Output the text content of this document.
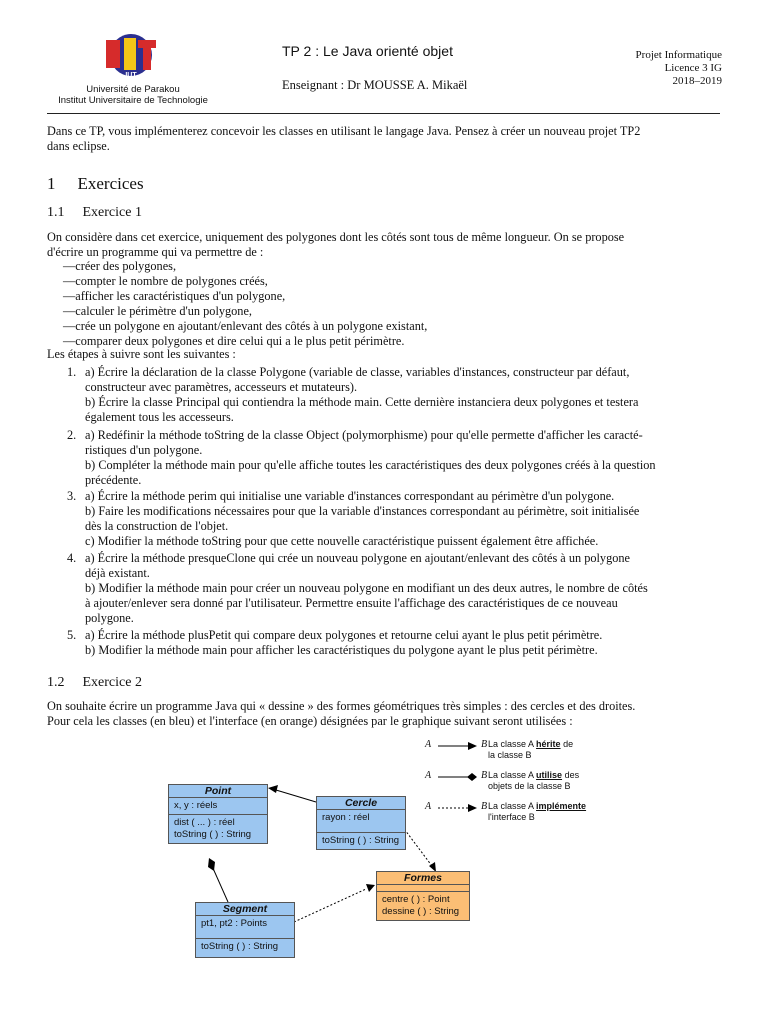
IUT
Université de Parakou
Institut Universitaire de Technologie
TP 2 : Le Java orienté objet
Enseignant : Dr MOUSSE A. Mikaël
Projet Informatique
Licence 3 IG
2018–2019
Dans ce TP, vous implémenterez concevoir les classes en utilisant le langage Java. Pensez à créer un nouveau projet TP2
dans eclipse.
1 Exercices
1.1 Exercice 1
On considère dans cet exercice, uniquement des polygones dont les côtés sont tous de même longueur. On se propose
d'écrire un programme qui va permettre de :
—créer des polygones,
—compter le nombre de polygones créés,
—afficher les caractéristiques d'un polygone,
—calculer le périmètre d'un polygone,
—crée un polygone en ajoutant/enlevant des côtés à un polygone existant,
—comparer deux polygones et dire celui qui a le plus petit périmètre.
Les étapes à suivre sont les suivantes :
1. a) Écrire la déclaration de la classe Polygone (variable de classe, variables d'instances, constructeur par défaut,
constructeur avec paramètres, accesseurs et mutateurs).
b) Écrire la classe Principal qui contiendra la méthode main. Cette dernière instanciera deux polygones et testera
également tous les accesseurs.
2. a) Redéfinir la méthode toString de la classe Object (polymorphisme) pour qu'elle permette d'afficher les caracté-
ristiques d'un polygone.
b) Compléter la méthode main pour qu'elle affiche toutes les caractéristiques des deux polygones créés à la question
précédente.
3. a) Écrire la méthode perim qui initialise une variable d'instances correspondant au périmètre d'un polygone.
b) Faire les modifications nécessaires pour que la variable d'instances correspondant au périmètre, soit initialisée
dès la construction de l'objet.
c) Modifier la méthode toString pour que cette nouvelle caractéristique puissent également être affichée.
4. a) Écrire la méthode presqueClone qui crée un nouveau polygone en ajoutant/enlevant des côtés à un polygone
déjà existant.
b) Modifier la méthode main pour créer un nouveau polygone en modifiant un des deux autres, le nombre de côtés
à ajouter/enlever sera donné par l'utilisateur. Permettre ensuite l'affichage des caractéristiques de ce nouveau
polygone.
5. a) Écrire la méthode plusPetit qui compare deux polygones et retourne celui ayant le plus petit périmètre.
b) Modifier la méthode main pour afficher les caractéristiques du polygone ayant le plus petit périmètre.
1.2 Exercice 2
On souhaite écrire un programme Java qui « dessine » des formes géométriques très simples : des cercles et des droites.
Pour cela les classes (en bleu) et l'interface (en orange) désignées par le graphique suivant seront utilisées :
A	B La classe A hérite de
la classe B
A	B La classe A utilise des
objets de la classe B
A	B La classe A implémente
l'interface B
Point
x, y : réels
dist ( ... ) : réel
toString ( ) : String
Cercle
rayon : réel
toString ( ) : String
Formes
centre ( ) : Point
dessine ( ) : String
Segment
pt1, pt2 : Points
toString ( ) : String
